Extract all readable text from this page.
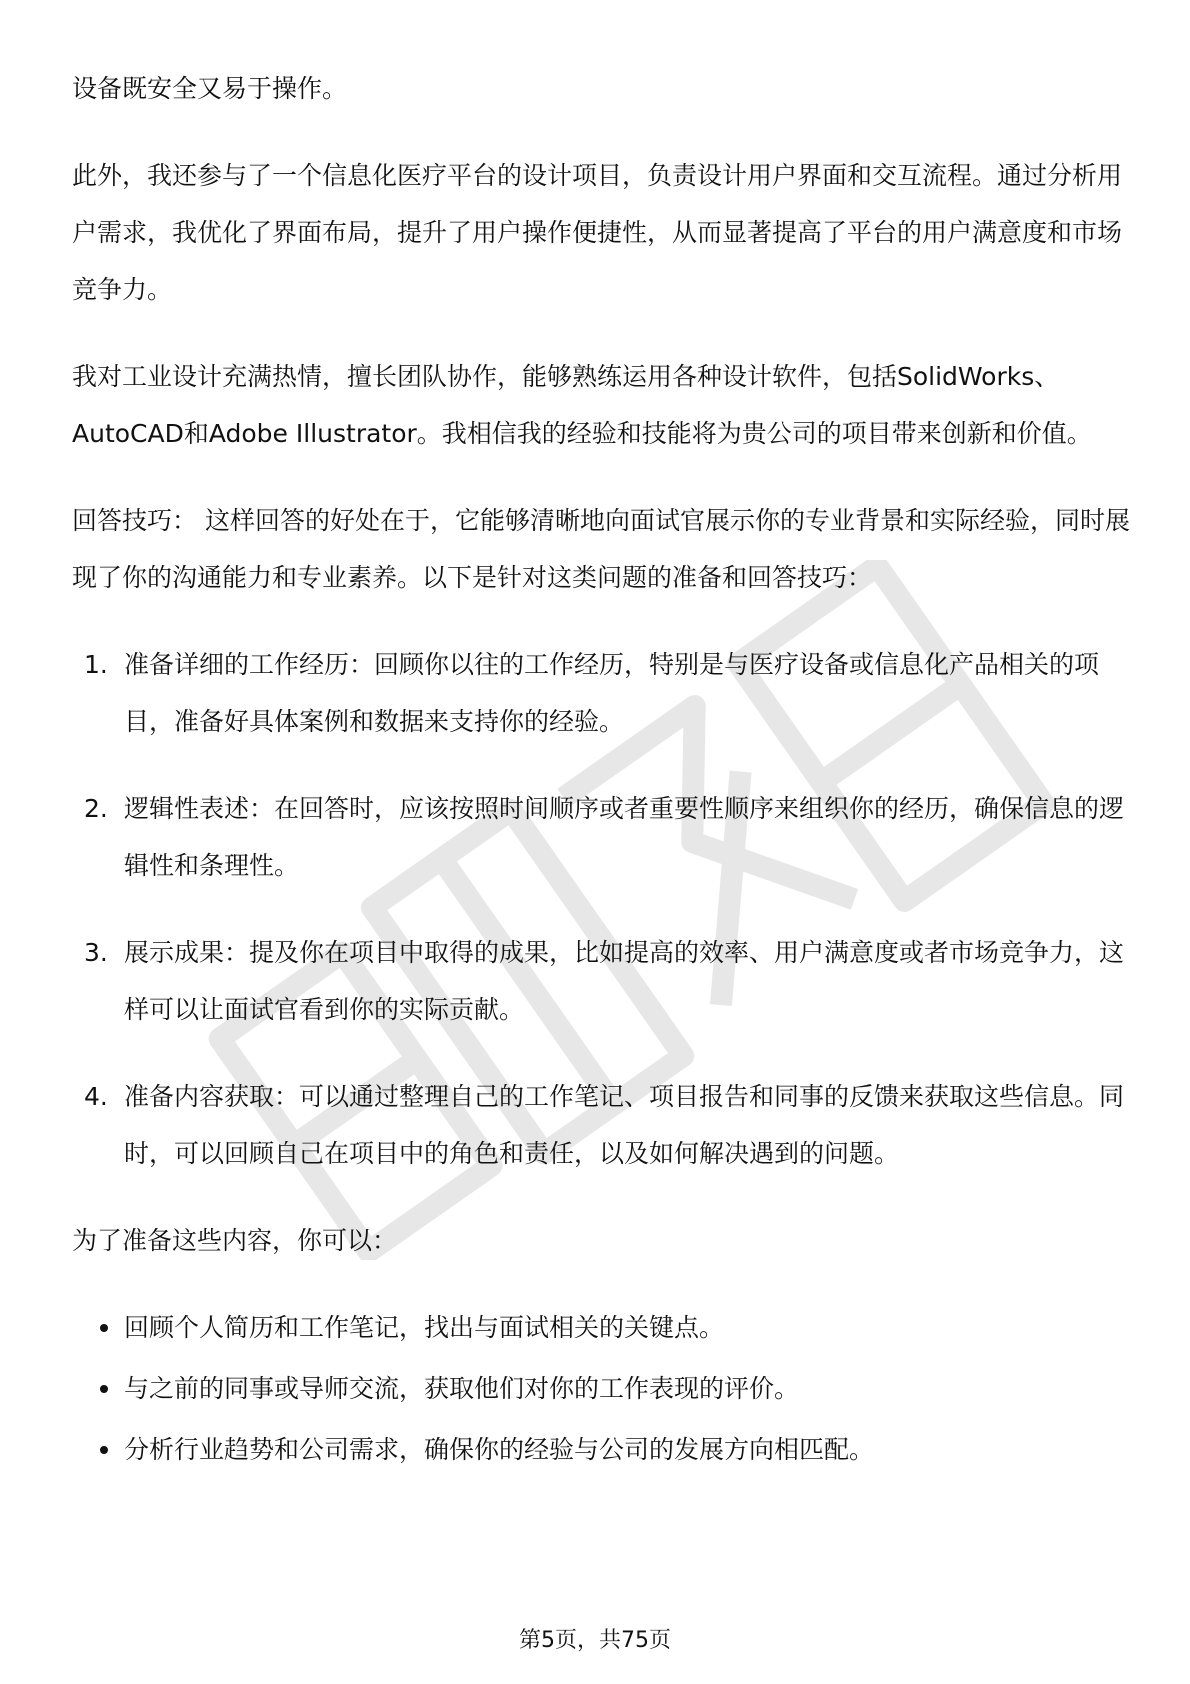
设备既安全又易于操作。

此外，我还参与了一个信息化医疗平台的设计项目，负责设计用户界面和交互流程。通过分析用户需求，我优化了界面布局，提升了用户操作便捷性，从而显著提高了平台的用户满意度和市场竞争力。

我对工业设计充满热情，擅长团队协作，能够熟练运用各种设计软件，包括SolidWorks、AutoCAD和Adobe Illustrator。我相信我的经验和技能将为贵公司的项目带来创新和价值。

回答技巧： 这样回答的好处在于，它能够清晰地向面试官展示你的专业背景和实际经验，同时展现了你的沟通能力和专业素养。以下是针对这类问题的准备和回答技巧：

1. 准备详细的工作经历：回顾你以往的工作经历，特别是与医疗设备或信息化产品相关的项目，准备好具体案例和数据来支持你的经验。
2. 逻辑性表述：在回答时，应该按照时间顺序或者重要性顺序来组织你的经历，确保信息的逻辑性和条理性。
3. 展示成果：提及你在项目中取得的成果，比如提高的效率、用户满意度或者市场竞争力，这样可以让面试官看到你的实际贡献。
4. 准备内容获取：可以通过整理自己的工作笔记、项目报告和同事的反馈来获取这些信息。同时，可以回顾自己在项目中的角色和责任，以及如何解决遇到的问题。

为了准备这些内容，你可以：

回顾个人简历和工作笔记，找出与面试相关的关键点。
与之前的同事或导师交流，获取他们对你的工作表现的评价。
分析行业趋势和公司需求，确保你的经验与公司的发展方向相匹配。
第5页，共75页
